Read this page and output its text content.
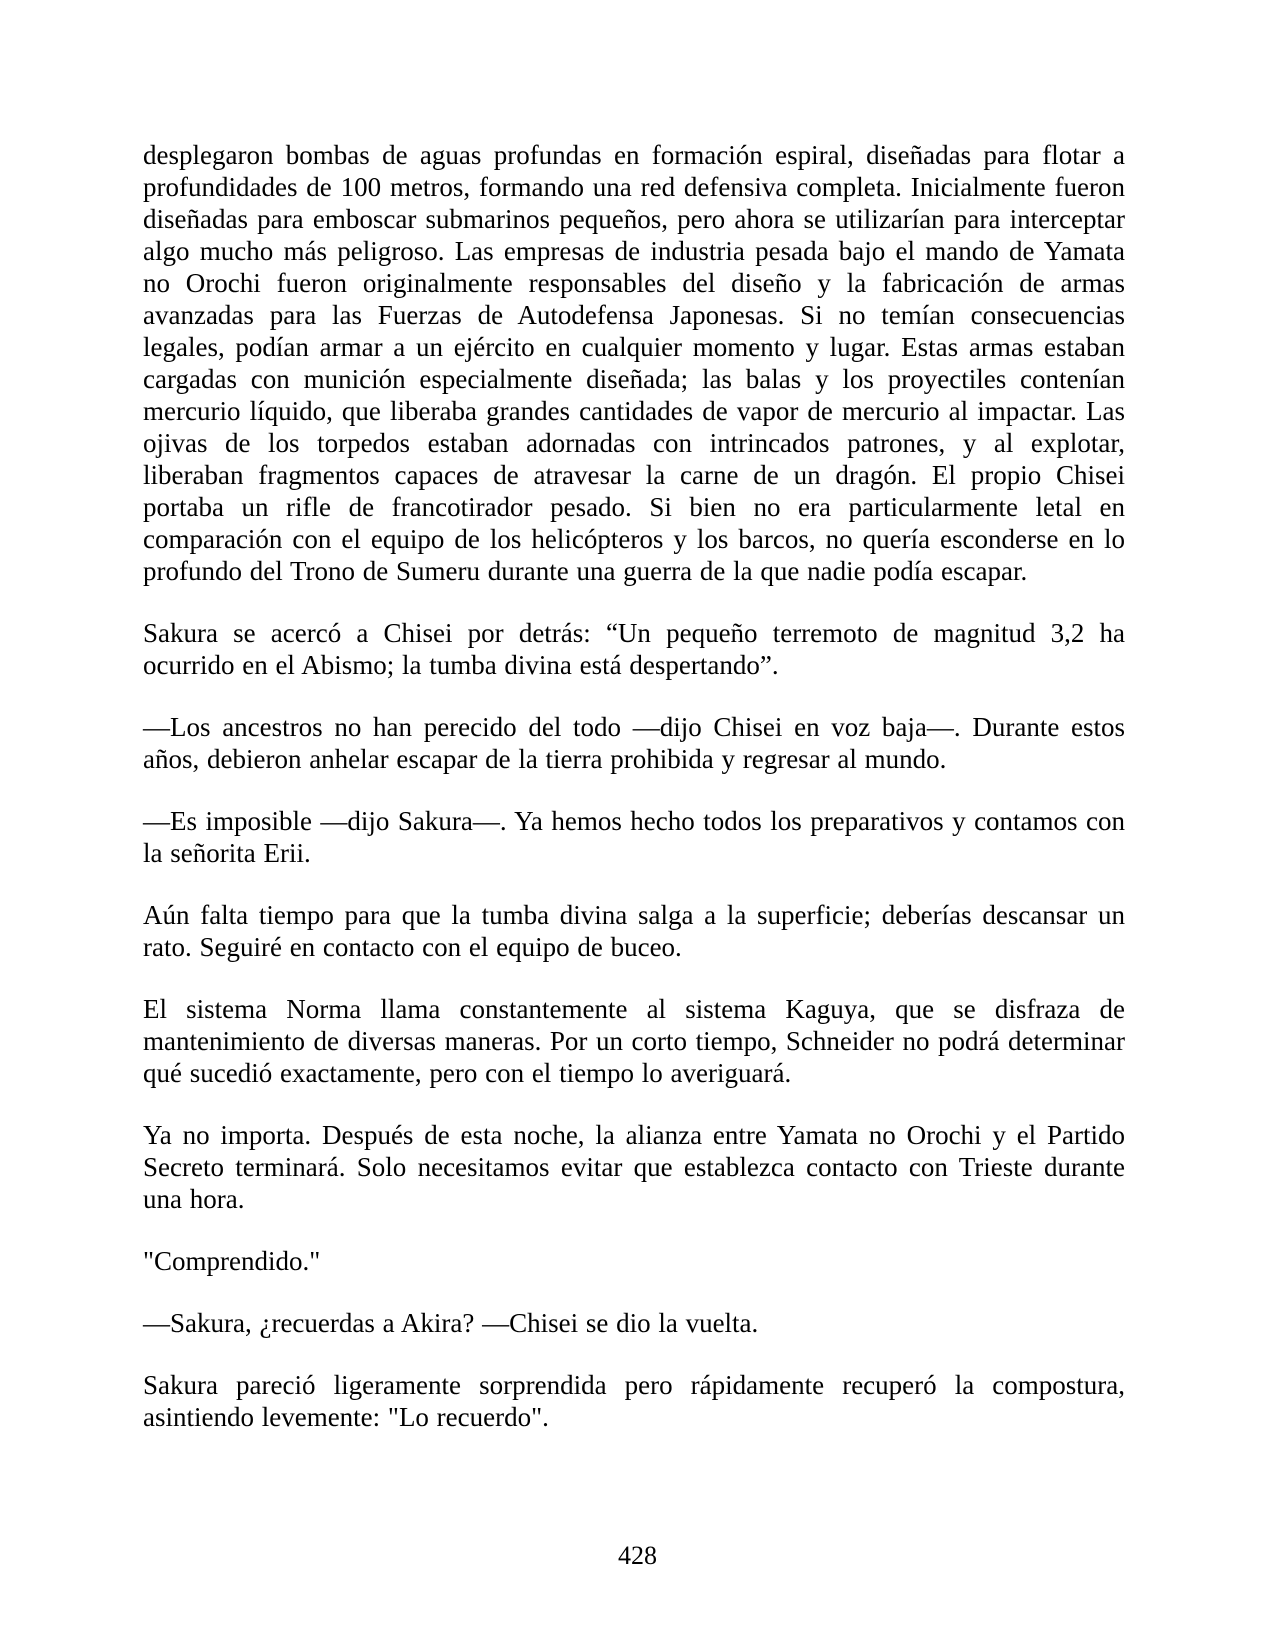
desplegaron bombas de aguas profundas en formación espiral, diseñadas para flotar a profundidades de 100 metros, formando una red defensiva completa. Inicialmente fueron diseñadas para emboscar submarinos pequeños, pero ahora se utilizarían para interceptar algo mucho más peligroso. Las empresas de industria pesada bajo el mando de Yamata no Orochi fueron originalmente responsables del diseño y la fabricación de armas avanzadas para las Fuerzas de Autodefensa Japonesas. Si no temían consecuencias legales, podían armar a un ejército en cualquier momento y lugar. Estas armas estaban cargadas con munición especialmente diseñada; las balas y los proyectiles contenían mercurio líquido, que liberaba grandes cantidades de vapor de mercurio al impactar. Las ojivas de los torpedos estaban adornadas con intrincados patrones, y al explotar, liberaban fragmentos capaces de atravesar la carne de un dragón. El propio Chisei portaba un rifle de francotirador pesado. Si bien no era particularmente letal en comparación con el equipo de los helicópteros y los barcos, no quería esconderse en lo profundo del Trono de Sumeru durante una guerra de la que nadie podía escapar.

Sakura se acercó a Chisei por detrás: “Un pequeño terremoto de magnitud 3,2 ha ocurrido en el Abismo; la tumba divina está despertando”.

—Los ancestros no han perecido del todo —dijo Chisei en voz baja—. Durante estos años, debieron anhelar escapar de la tierra prohibida y regresar al mundo.

—Es imposible —dijo Sakura—. Ya hemos hecho todos los preparativos y contamos con la señorita Erii.

Aún falta tiempo para que la tumba divina salga a la superficie; deberías descansar un rato. Seguiré en contacto con el equipo de buceo.

El sistema Norma llama constantemente al sistema Kaguya, que se disfraza de mantenimiento de diversas maneras. Por un corto tiempo, Schneider no podrá determinar qué sucedió exactamente, pero con el tiempo lo averiguará.

Ya no importa. Después de esta noche, la alianza entre Yamata no Orochi y el Partido Secreto terminará. Solo necesitamos evitar que establezca contacto con Trieste durante una hora.

"Comprendido."

—Sakura, ¿recuerdas a Akira? —Chisei se dio la vuelta.

Sakura pareció ligeramente sorprendida pero rápidamente recuperó la compostura, asintiendo levemente: "Lo recuerdo".

428
